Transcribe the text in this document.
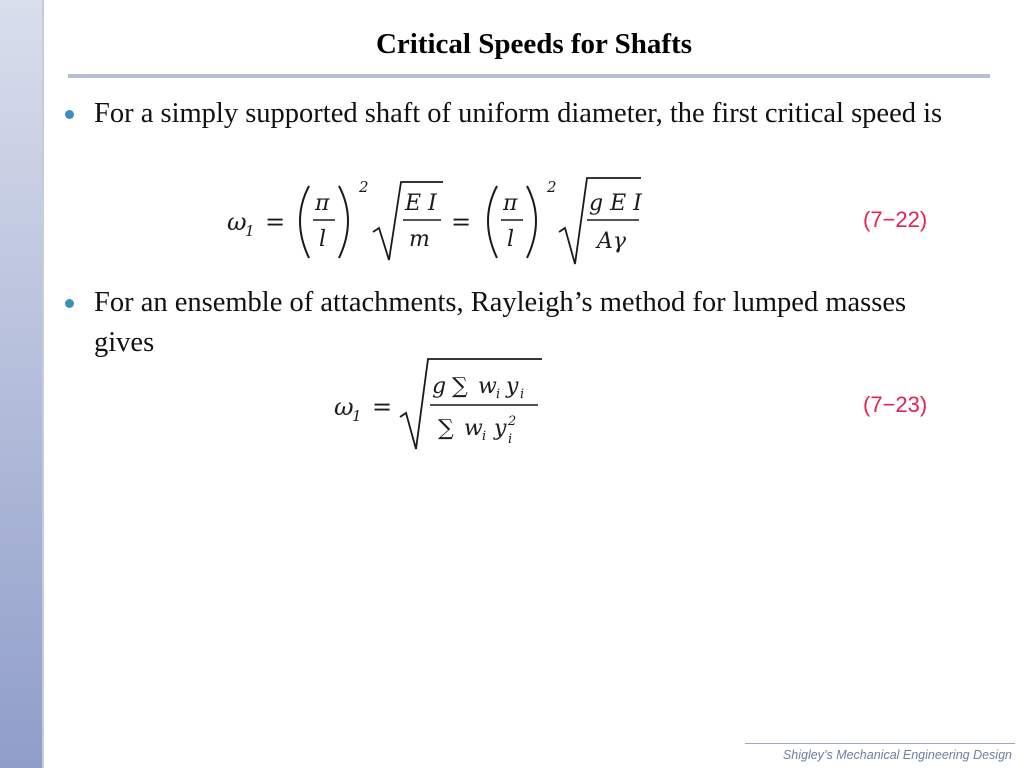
Critical Speeds for Shafts
For a simply supported shaft of uniform diameter, the first critical speed is
ω
1 =
π
l
2
E I
m
=
π
l
2
g E I
Aγ
(7−22)
For an ensemble of attachments, Rayleigh’s method for lumped masses gives
ω
1 =
g ∑ w i y i
∑ w i y 2
i
(7−23)
Shigley’s Mechanical Engineering Design
